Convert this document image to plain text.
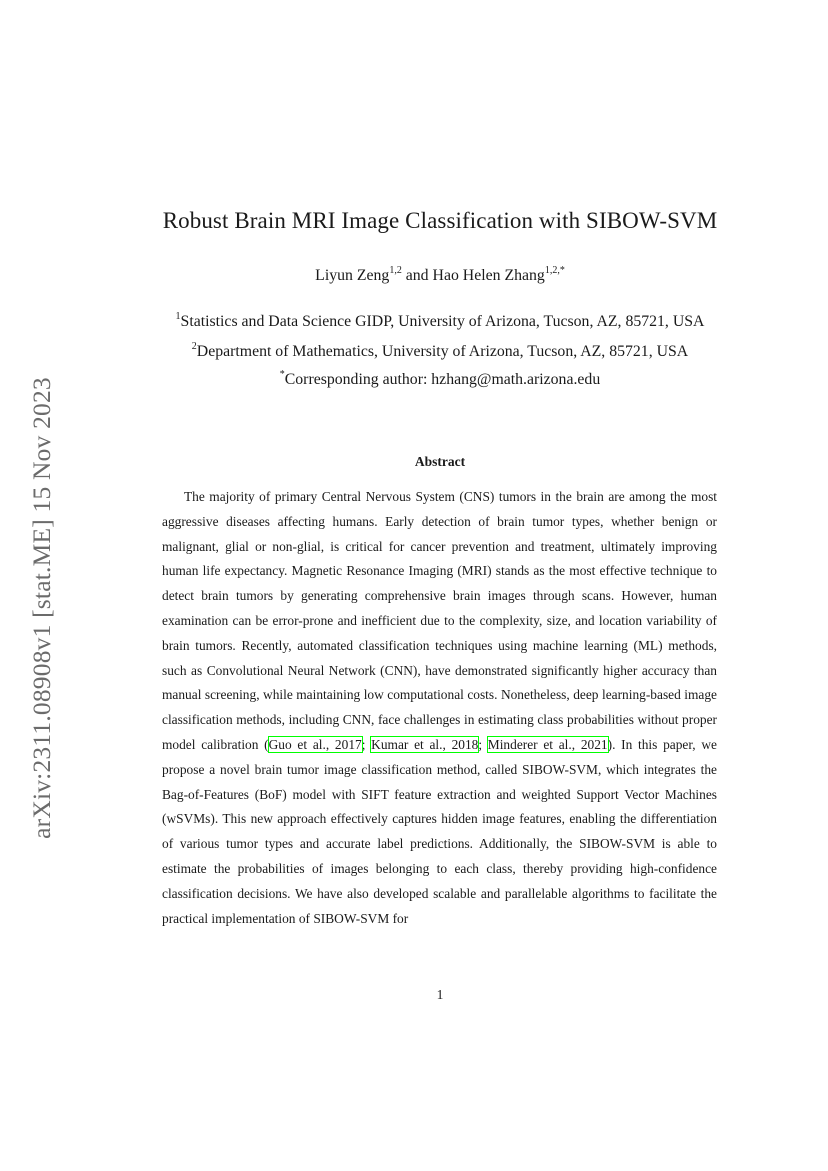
arXiv:2311.08908v1 [stat.ME] 15 Nov 2023
Robust Brain MRI Image Classification with SIBOW-SVM
Liyun Zeng$^{1,2}$ and Hao Helen Zhang$^{1,2,*}$
$^1$Statistics and Data Science GIDP, University of Arizona, Tucson, AZ, 85721, USA
$^2$Department of Mathematics, University of Arizona, Tucson, AZ, 85721, USA
*Corresponding author: hzhang@math.arizona.edu
Abstract
The majority of primary Central Nervous System (CNS) tumors in the brain are among the most aggressive diseases affecting humans. Early detection of brain tumor types, whether benign or malignant, glial or non-glial, is critical for cancer prevention and treatment, ultimately improving human life expectancy. Magnetic Resonance Imaging (MRI) stands as the most effective technique to detect brain tumors by generating comprehensive brain images through scans. However, human examination can be error-prone and inefficient due to the complexity, size, and location variability of brain tumors. Recently, automated classification techniques using machine learning (ML) methods, such as Convolutional Neural Network (CNN), have demonstrated significantly higher accuracy than manual screening, while maintaining low computational costs. Nonetheless, deep learning-based image classification methods, including CNN, face challenges in estimating class probabilities without proper model calibration (Guo et al., 2017; Kumar et al., 2018; Minderer et al., 2021). In this paper, we propose a novel brain tumor image classification method, called SIBOW-SVM, which integrates the Bag-of-Features (BoF) model with SIFT feature extraction and weighted Support Vector Machines (wSVMs). This new approach effectively captures hidden image features, enabling the differentiation of various tumor types and accurate label predictions. Additionally, the SIBOW-SVM is able to estimate the probabilities of images belonging to each class, thereby providing high-confidence classification decisions. We have also developed scalable and parallelable algorithms to facilitate the practical implementation of SIBOW-SVM for
1
